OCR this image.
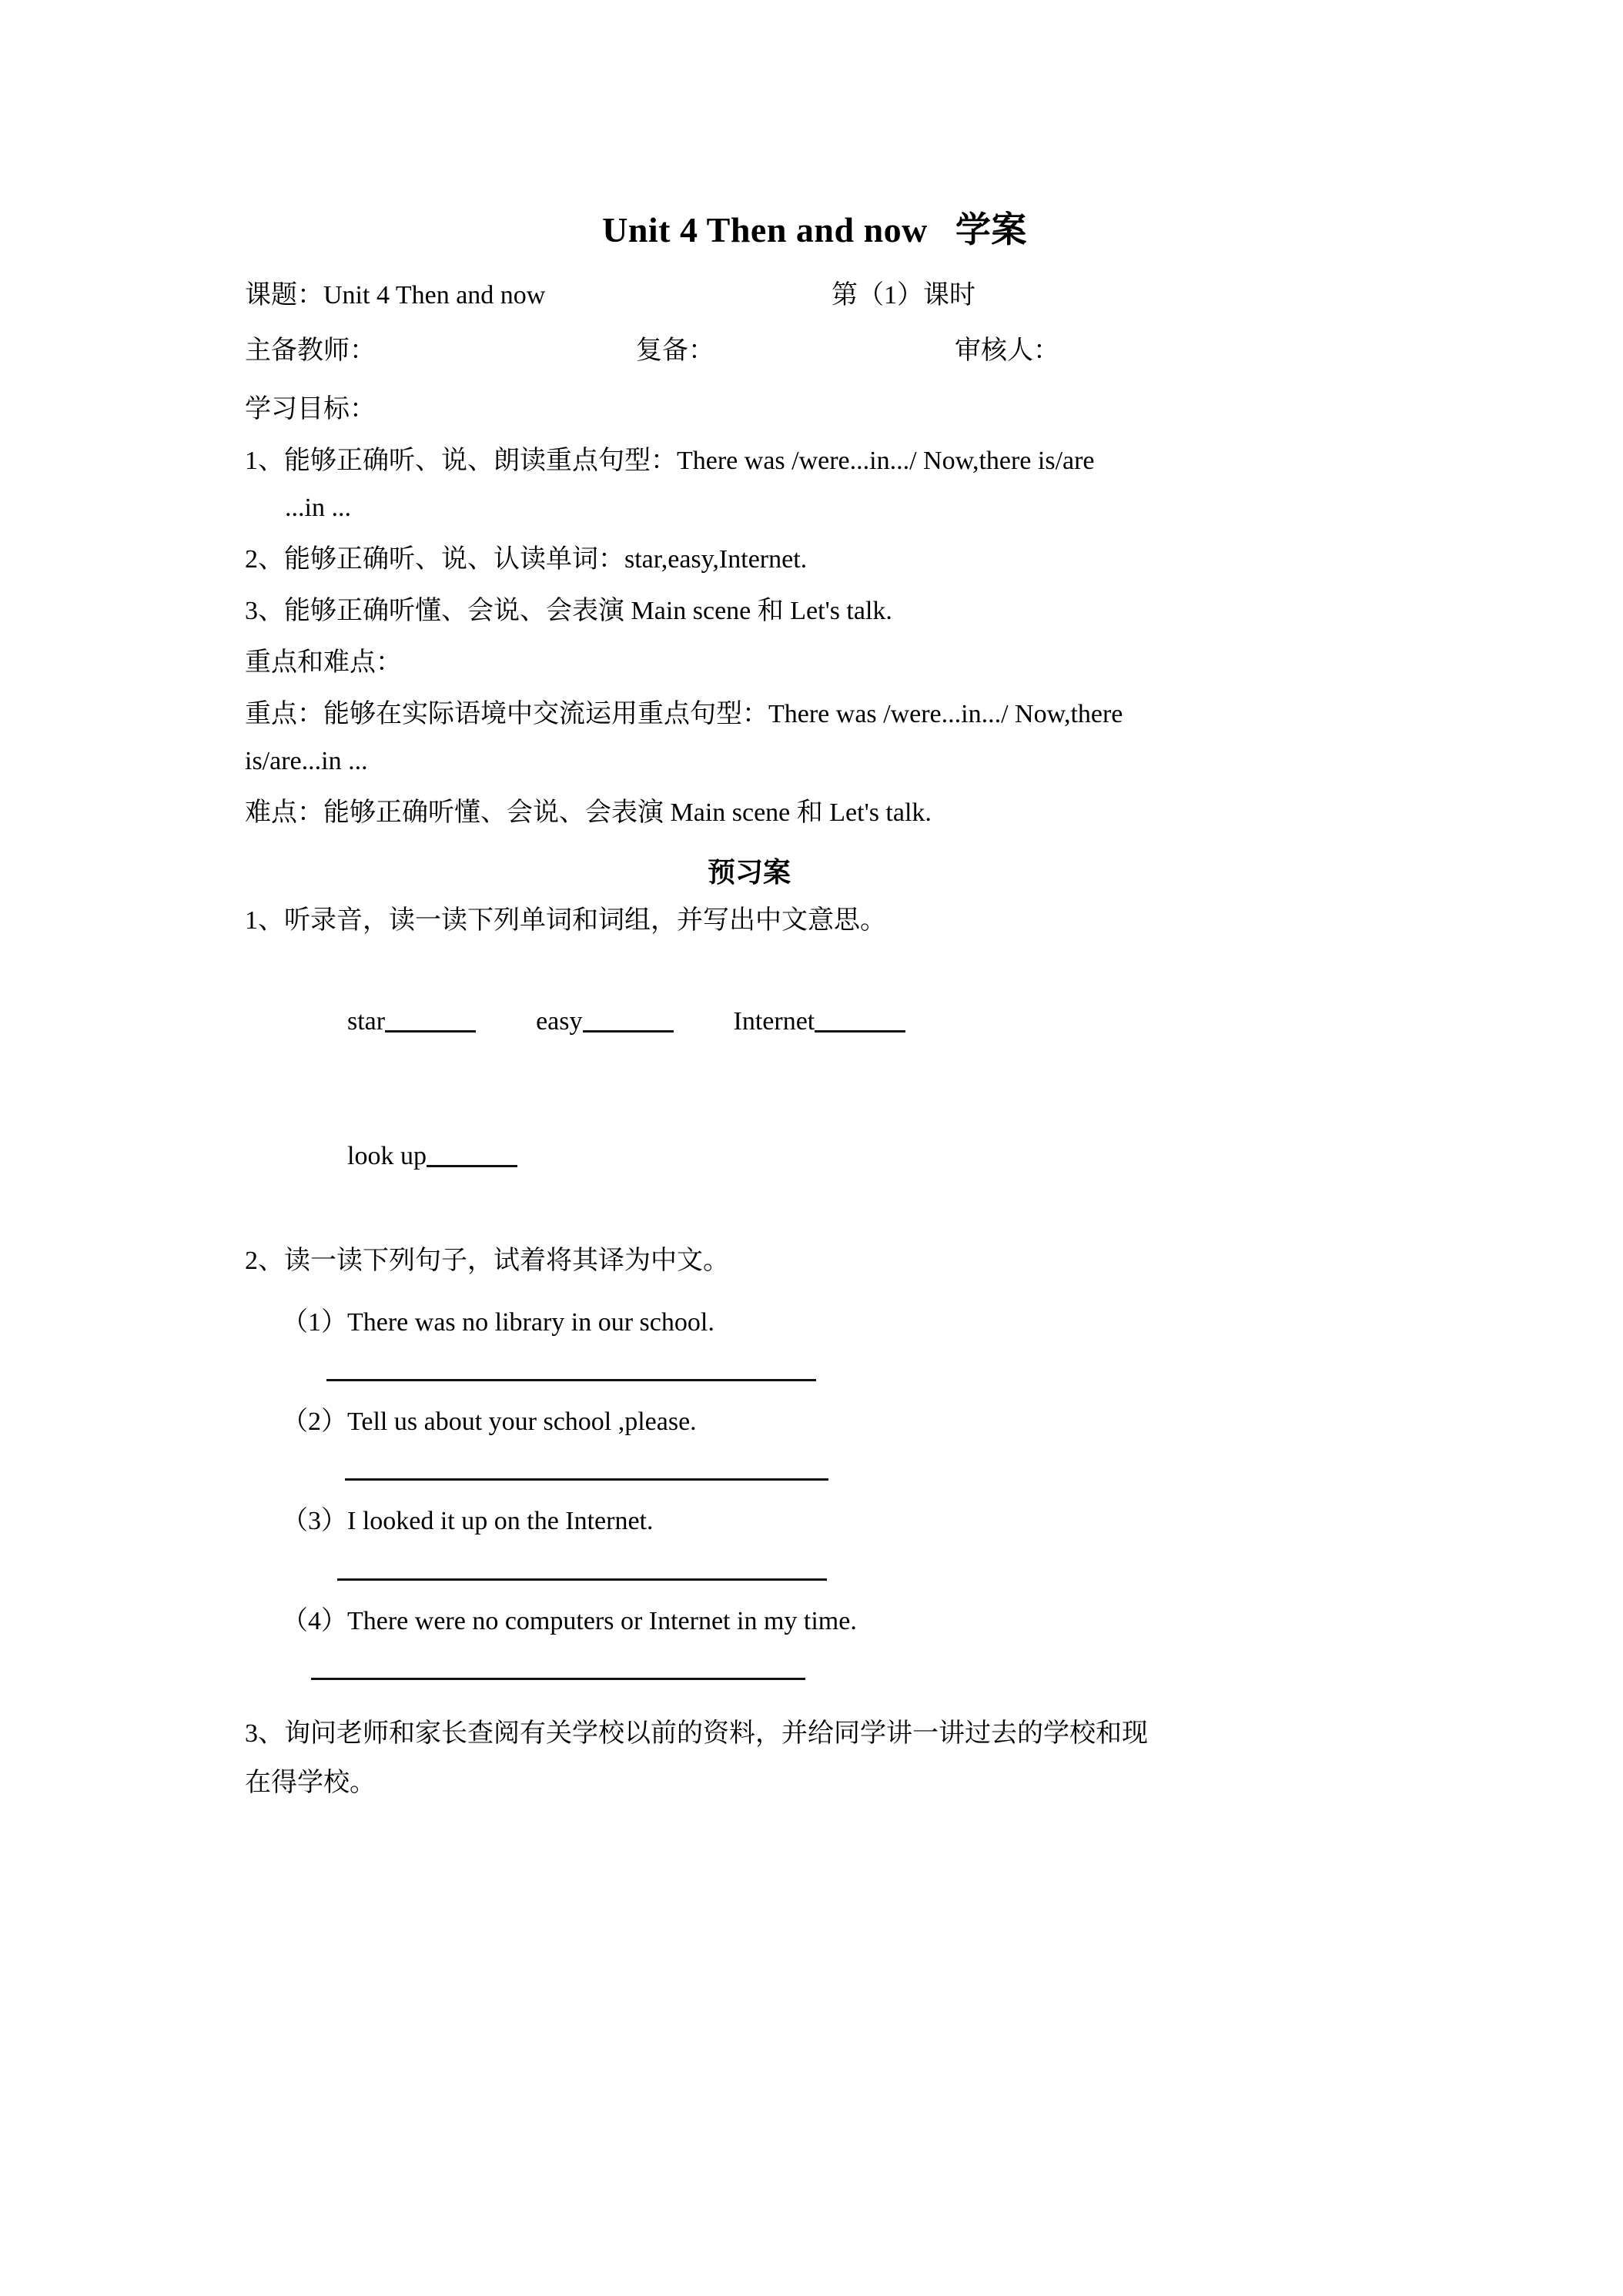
Unit 4 Then and now   学案
课题：Unit 4 Then and now	第（1）课时
主备教师：	复备：	审核人：
学习目标：
1、能够正确听、说、朗读重点句型：There was /were...in.../ Now,there is/are
...in ...
2、能够正确听、说、认读单词：star,easy,Internet.
3、能够正确听懂、会说、会表演 Main scene 和 Let's talk.
重点和难点：
重点：能够在实际语境中交流运用重点句型：There was /were...in.../ Now,there
is/are...in ...
难点：能够正确听懂、会说、会表演 Main scene 和 Let's talk.
预习案
1、听录音，读一读下列单词和词组，并写出中文意思。

star	easy	Internet

look up

2、读一读下列句子，试着将其译为中文。
（1）There was no library in our school.
（2）Tell us about your school ,please.
（3）I looked it up on the Internet.
（4）There were no computers or Internet in my time.
3、询问老师和家长查阅有关学校以前的资料，并给同学讲一讲过去的学校和现
在得学校。
